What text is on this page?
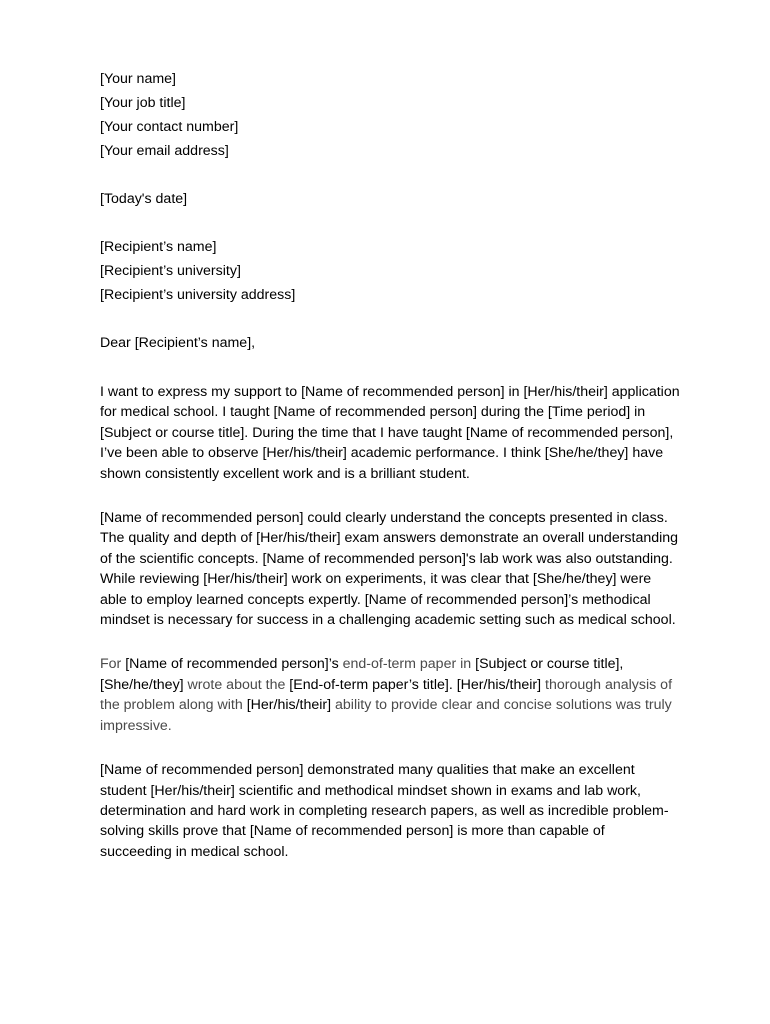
[Your name]
[Your job title]
[Your contact number]
[Your email address]
[Today's date]
[Recipient’s name]
[Recipient’s university]
[Recipient’s university address]
Dear [Recipient’s name],

I want to express my support to [Name of recommended person] in [Her/his/their] application for medical school. I taught [Name of recommended person] during the [Time period] in [Subject or course title]. During the time that I have taught [Name of recommended person], I’ve been able to observe [Her/his/their] academic performance. I think [She/he/they] have shown consistently excellent work and is a brilliant student.

[Name of recommended person] could clearly understand the concepts presented in class. The quality and depth of [Her/his/their] exam answers demonstrate an overall understanding of the scientific concepts. [Name of recommended person]'s lab work was also outstanding. While reviewing [Her/his/their] work on experiments, it was clear that [She/he/they] were able to employ learned concepts expertly. [Name of recommended person]’s methodical mindset is necessary for success in a challenging academic setting such as medical school.

For [Name of recommended person]’s end-of-term paper in [Subject or course title], [She/he/they] wrote about the [End-of-term paper’s title]. [Her/his/their] thorough analysis of the problem along with [Her/his/their] ability to provide clear and concise solutions was truly impressive.

[Name of recommended person] demonstrated many qualities that make an excellent student [Her/his/their] scientific and methodical mindset shown in exams and lab work, determination and hard work in completing research papers, as well as incredible problem-solving skills prove that [Name of recommended person] is more than capable of succeeding in medical school.
